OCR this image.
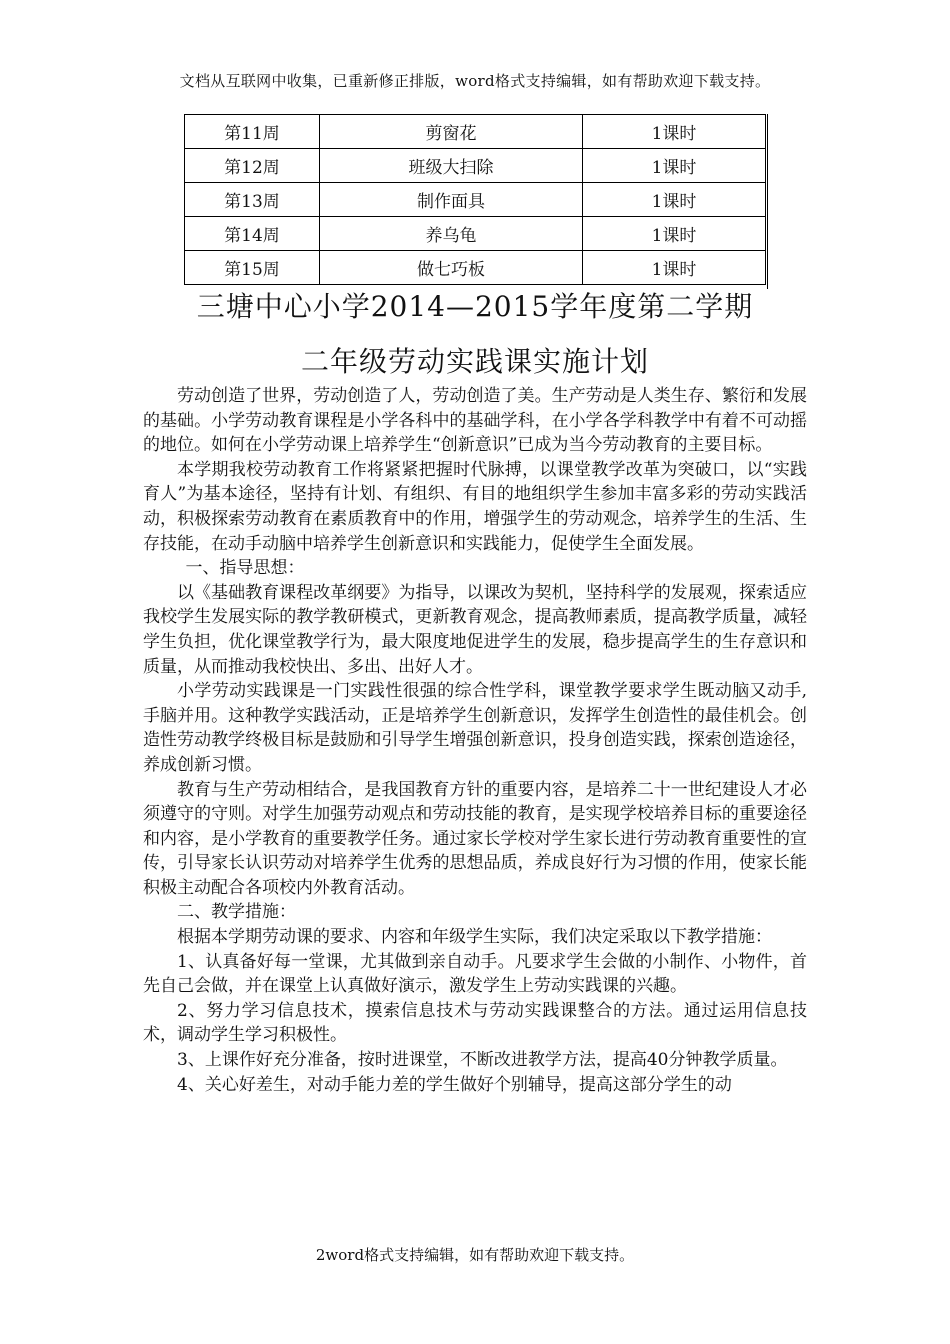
文档从互联网中收集，已重新修正排版，word格式支持编辑，如有帮助欢迎下载支持。
第11周	剪窗花	1课时
第12周	班级大扫除	1课时
第13周	制作面具	1课时
第14周	养乌龟	1课时
第15周	做七巧板	1课时
三塘中心小学2014—2015学年度第二学期
二年级劳动实践课实施计划

劳动创造了世界，劳动创造了人，劳动创造了美。生产劳动是人类生存、繁衍和发展的基础。小学劳动教育课程是小学各科中的基础学科，在小学各学科教学中有着不可动摇的地位。如何在小学劳动课上培养学生“创新意识”已成为当今劳动教育的主要目标。

本学期我校劳动教育工作将紧紧把握时代脉搏，以课堂教学改革为突破口，以“实践育人”为基本途径，坚持有计划、有组织、有目的地组织学生参加丰富多彩的劳动实践活动，积极探索劳动教育在素质教育中的作用，增强学生的劳动观念，培养学生的生活、生存技能，在动手动脑中培养学生创新意识和实践能力，促使学生全面发展。

一、指导思想：

以《基础教育课程改革纲要》为指导，以课改为契机，坚持科学的发展观，探索适应我校学生发展实际的教学教研模式，更新教育观念，提高教师素质，提高教学质量，减轻学生负担，优化课堂教学行为，最大限度地促进学生的发展，稳步提高学生的生存意识和质量，从而推动我校快出、多出、出好人才。

小学劳动实践课是一门实践性很强的综合性学科，课堂教学要求学生既动脑又动手,手脑并用。这种教学实践活动，正是培养学生创新意识，发挥学生创造性的最佳机会。创造性劳动教学终极目标是鼓励和引导学生增强创新意识，投身创造实践，探索创造途径，养成创新习惯。

教育与生产劳动相结合，是我国教育方针的重要内容，是培养二十一世纪建设人才必须遵守的守则。对学生加强劳动观点和劳动技能的教育，是实现学校培养目标的重要途径和内容，是小学教育的重要教学任务。通过家长学校对学生家长进行劳动教育重要性的宣传，引导家长认识劳动对培养学生优秀的思想品质，养成良好行为习惯的作用，使家长能积极主动配合各项校内外教育活动。

二、教学措施：

根据本学期劳动课的要求、内容和年级学生实际，我们决定采取以下教学措施：

1、认真备好每一堂课，尤其做到亲自动手。凡要求学生会做的小制作、小物件，首先自己会做，并在课堂上认真做好演示，激发学生上劳动实践课的兴趣。

2、努力学习信息技术，摸索信息技术与劳动实践课整合的方法。通过运用信息技术，调动学生学习积极性。

3、上课作好充分准备，按时进课堂，不断改进教学方法，提高40分钟教学质量。

4、关心好差生，对动手能力差的学生做好个别辅导，提高这部分学生的动

2word格式支持编辑，如有帮助欢迎下载支持。
